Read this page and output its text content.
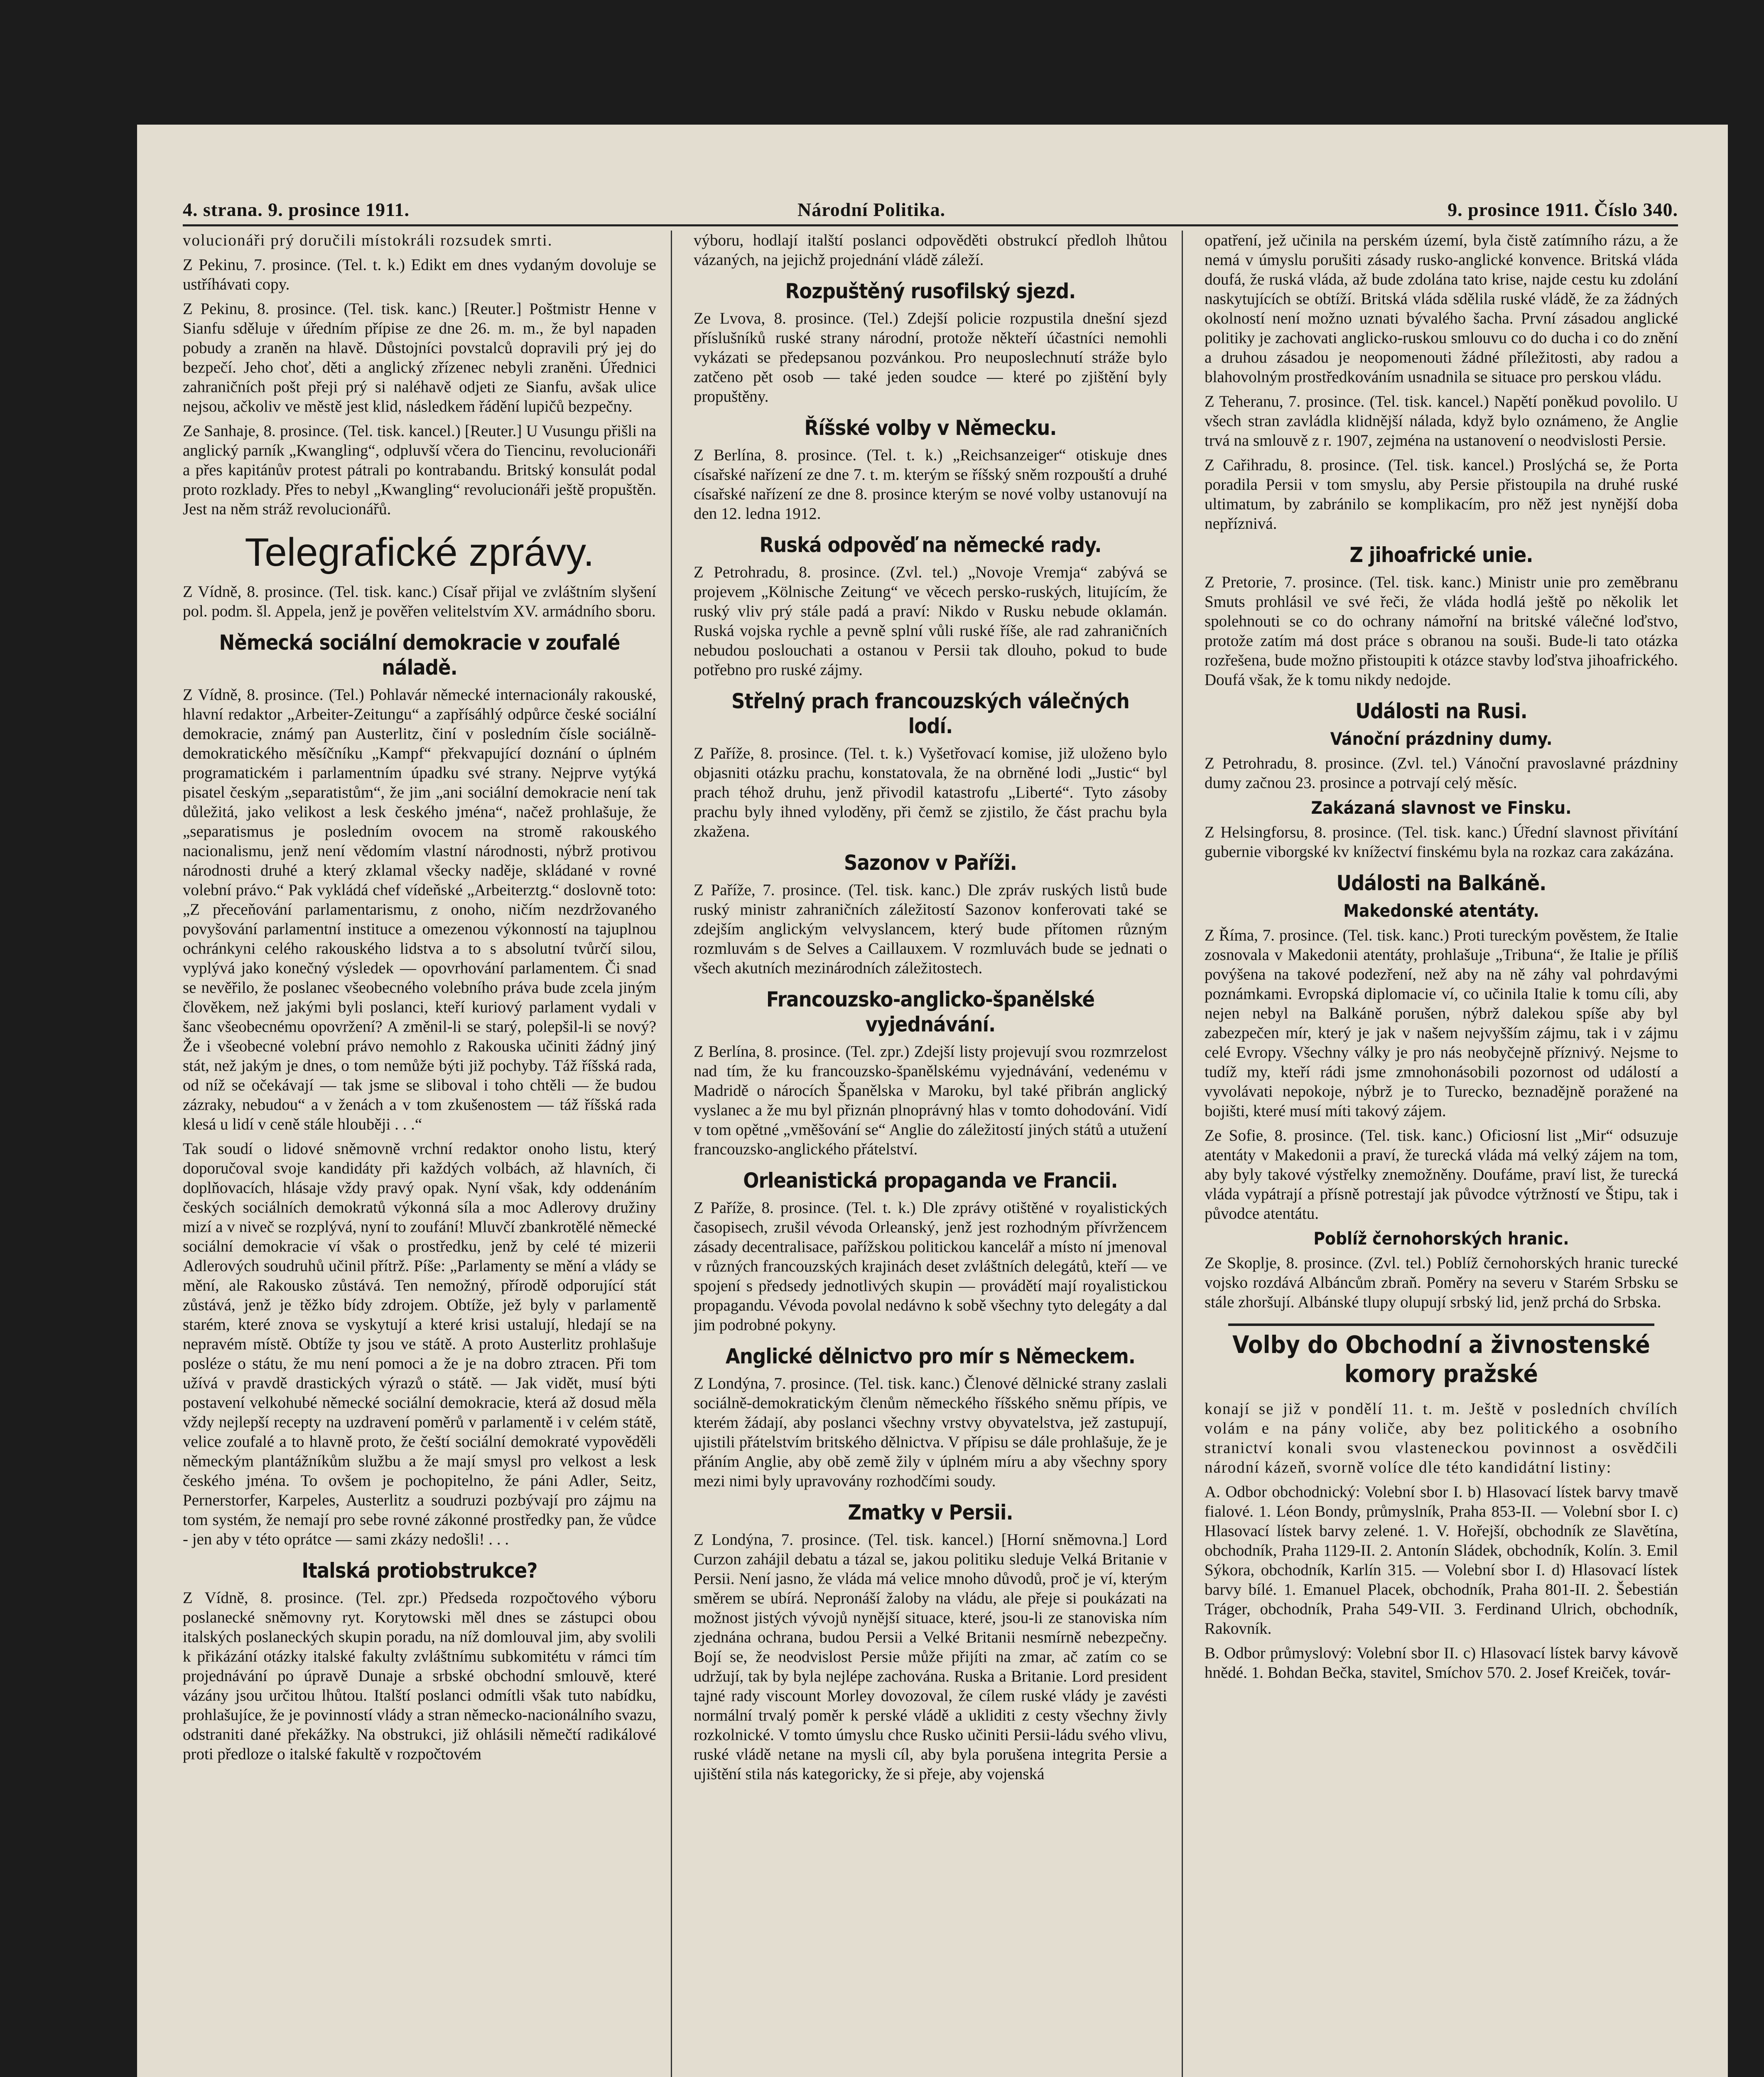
4. strana. 9. prosince 1911.	Národní Politika.	9. prosince 1911. Číslo 340.

volucionáři prý doručili místokráli rozsudek smrti.

Z Pekinu, 7. prosince. (Tel. t. k.) Edikt em dnes vydaným dovoluje se ustříhávati copy.

Z Pekinu, 8. prosince. (Tel. tisk. kanc.) [Reuter.] Poštmistr Henne v Sianfu sděluje v úředním přípise ze dne 26. m. m., že byl napaden pobudy a zraněn na hlavě. Důstojníci povstalců dopravili prý jej do bezpečí. Jeho choť, děti a anglický zřízenec nebyli zraněni. Úřednici zahraničních pošt přeji prý si naléhavě odjeti ze Sianfu, avšak ulice nejsou, ačkoliv ve městě jest klid, následkem řádění lupičů bezpečny.

Ze Sanhaje, 8. prosince. (Tel. tisk. kancel.) [Reuter.] U Vusungu přišli na anglický parník „Kwangling“, odpluvší včera do Tiencinu, revolucionáři a přes kapitánův protest pátrali po kontrabandu. Britský konsulát podal proto rozklady. Přes to nebyl „Kwangling“ revolucionáři ještě propuštěn. Jest na něm stráž revolucionářů.

Telegrafické zprávy.

Z Vídně, 8. prosince. (Tel. tisk. kanc.) Císař přijal ve zvláštním slyšení pol. podm. šl. Appela, jenž je pověřen velitelstvím XV. armádního sboru.

Německá sociální demokracie v zoufalé náladě.

Z Vídně, 8. prosince. (Tel.) Pohlavár německé internacionály rakouské, hlavní redaktor „Arbeiter-Zeitungu“ a zapřísáhlý odpůrce české sociální demokracie, známý pan Austerlitz, činí v posledním čísle sociálně-demokratického měsíčníku „Kampf“ překvapující doznání o úplném programatickém i parlamentním úpadku své strany. Nejprve vytýká pisatel českým „separatistům“, že jim „ani sociální demokracie není tak důležitá, jako velikost a lesk českého jména“, načež prohlašuje, že „separatismus je posledním ovocem na stromě rakouského nacionalismu, jenž není vědomím vlastní národnosti, nýbrž protivou národnosti druhé a který zklamal všecky naděje, skládané v rovné volební právo.“ Pak vykládá chef vídeňské „Arbeiterztg.“ doslovně toto: „Z přeceňování parlamentarismu, z onoho, ničím nezdržovaného povyšování parlamentní instituce a omezenou výkonností na tajuplnou ochránkyni celého rakouského lidstva a to s absolutní tvůrčí silou, vyplývá jako konečný výsledek — opovrhování parlamentem. Či snad se nevěřilo, že poslanec všeobecného volebního práva bude zcela jiným člověkem, než jakými byli poslanci, kteří kuriový parlament vydali v šanc všeobecnému opovržení? A změnil-li se starý, polepšil-li se nový? Že i všeobecné volební právo nemohlo z Rakouska učiniti žádný jiný stát, než jakým je dnes, o tom nemůže býti již pochyby. Táž říšská rada, od níž se očekávají — tak jsme se sliboval i toho chtěli — že budou zázraky, nebudou“ a v ženách a v tom zkušenostem — táž říšská rada klesá u lidí v ceně stále hlouběji . . .“

Tak soudí o lidové sněmovně vrchní redaktor onoho listu, který doporučoval svoje kandidáty při každých volbách, až hlavních, či doplňovacích, hlásaje vždy pravý opak. Nyní však, kdy oddenáním českých sociálních demokratů výkonná síla a moc Adlerovy družiny mizí a v niveč se rozplývá, nyní to zoufání! Mluvčí zbankrotělé německé sociální demokracie ví však o prostředku, jenž by celé té mizerii Adlerových soudruhů učinil přítrž. Píše: „Parlamenty se mění a vlády se mění, ale Rakousko zůstává. Ten nemožný, přírodě odporující stát zůstává, jenž je těžko bídy zdrojem. Obtíže, jež byly v parlamentě starém, které znova se vyskytují a které krisi ustalují, hledají se na nepravém místě. Obtíže ty jsou ve státě. A proto Austerlitz prohlašuje posléze o státu, že mu není pomoci a že je na dobro ztracen. Při tom užívá v pravdě drastických výrazů o státě. — Jak vidět, musí býti postavení velkohubé německé sociální demokracie, která až dosud měla vždy nejlepší recepty na uzdravení poměrů v parlamentě i v celém státě, velice zoufalé a to hlavně proto, že čeští sociální demokraté vypověděli německým plantážníkům službu a že mají smysl pro velkost a lesk českého jména. To ovšem je pochopitelno, že páni Adler, Seitz, Pernerstorfer, Karpeles, Austerlitz a soudruzi pozbývají pro zájmu na tom systém, že nemají pro sebe rovné zákonné prostředky pan, že vůdce - jen aby v této oprátce — sami zkázy nedošli! . . .

Italská protiobstrukce?

Z Vídně, 8. prosince. (Tel. zpr.) Předseda rozpočtového výboru poslanecké sněmovny ryt. Korytowski měl dnes se zástupci obou italských poslaneckých skupin poradu, na níž domlouval jim, aby svolili k přikázání otázky italské fakulty zvláštnímu subkomitétu v rámci tím projednávání po úpravě Dunaje a srbské obchodní smlouvě, které vázány jsou určitou lhůtou. Italští poslanci odmítli však tuto nabídku, prohlašujíce, že je povinností vlády a stran německo-nacionálního svazu, odstraniti dané překážky. Na obstrukci, již ohlásili němečtí radikálové proti předloze o italské fakultě v rozpočtovém

výboru, hodlají italští poslanci odpověděti obstrukcí předloh lhůtou vázaných, na jejichž projednání vládě záleží.

Rozpuštěný rusofilský sjezd.

Ze Lvova, 8. prosince. (Tel.) Zdejší policie rozpustila dnešní sjezd příslušníků ruské strany národní, protože někteří účastníci nemohli vykázati se předepsanou pozvánkou. Pro neuposlechnutí stráže bylo zatčeno pět osob — také jeden soudce — které po zjištění byly propuštěny.

Říšské volby v Německu.

Z Berlína, 8. prosince. (Tel. t. k.) „Reichsanzeiger“ otiskuje dnes císařské nařízení ze dne 7. t. m. kterým se říšský sněm rozpouští a druhé císařské nařízení ze dne 8. prosince kterým se nové volby ustanovují na den 12. ledna 1912.

Ruská odpověď na německé rady.

Z Petrohradu, 8. prosince. (Zvl. tel.) „Novoje Vremja“ zabývá se projevem „Kölnische Zeitung“ ve věcech persko-ruských, litujícím, že ruský vliv prý stále padá a praví: Nikdo v Rusku nebude oklamán. Ruská vojska rychle a pevně splní vůli ruské říše, ale rad zahraničních nebudou poslouchati a ostanou v Persii tak dlouho, pokud to bude potřebno pro ruské zájmy.

Střelný prach francouzských válečných lodí.

Z Paříže, 8. prosince. (Tel. t. k.) Vyšetřovací komise, již uloženo bylo objasniti otázku prachu, konstatovala, že na obrněné lodi „Justic“ byl prach téhož druhu, jenž přivodil katastrofu „Liberté“. Tyto zásoby prachu byly ihned vyloděny, při čemž se zjistilo, že část prachu byla zkažena.

Sazonov v Paříži.

Z Paříže, 7. prosince. (Tel. tisk. kanc.) Dle zpráv ruských listů bude ruský ministr zahraničních záležitostí Sazonov konferovati také se zdejším anglickým velvyslancem, který bude přítomen různým rozmluvám s de Selves a Caillauxem. V rozmluvách bude se jednati o všech akutních mezinárodních záležitostech.

Francouzsko-anglicko-španělské vyjednávání.

Z Berlína, 8. prosince. (Tel. zpr.) Zdejší listy projevují svou rozmrzelost nad tím, že ku francouzsko-španělskému vyjednávání, vedenému v Madridě o nárocích Španělska v Maroku, byl také přibrán anglický vyslanec a že mu byl přiznán plnoprávný hlas v tomto dohodování. Vidí v tom opětné „vměšování se“ Anglie do záležitostí jiných států a utužení francouzsko-anglického přátelství.

Orleanistická propaganda ve Francii.

Z Paříže, 8. prosince. (Tel. t. k.) Dle zprávy otištěné v royalistických časopisech, zrušil vévoda Orleanský, jenž jest rozhodným přívržencem zásady decentralisace, pařížskou politickou kancelář a místo ní jmenoval v různých francouzských krajinách deset zvláštních delegátů, kteří — ve spojení s předsedy jednotlivých skupin — provádětí mají royalistickou propagandu. Vévoda povolal nedávno k sobě všechny tyto delegáty a dal jim podrobné pokyny.

Anglické dělnictvo pro mír s Německem.

Z Londýna, 7. prosince. (Tel. tisk. kanc.) Členové dělnické strany zaslali sociálně-demokratickým členům německého říšského sněmu přípis, ve kterém žádají, aby poslanci všechny vrstvy obyvatelstva, jež zastupují, ujistili přátelstvím britského dělnictva. V přípisu se dále prohlašuje, že je přáním Anglie, aby obě země žily v úplném míru a aby všechny spory mezi nimi byly upravovány rozhodčími soudy.

Zmatky v Persii.

Z Londýna, 7. prosince. (Tel. tisk. kancel.) [Horní sněmovna.] Lord Curzon zahájil debatu a tázal se, jakou politiku sleduje Velká Britanie v Persii. Není jasno, že vláda má velice mnoho důvodů, proč je ví, kterým směrem se ubírá. Nepronáší žaloby na vládu, ale přeje si poukázati na možnost jistých vývojů nynější situace, které, jsou-li ze stanoviska ním zjednána ochrana, budou Persii a Velké Britanii nesmírně nebezpečny. Bojí se, že neodvislost Persie může přijíti na zmar, ač zatím co se udržují, tak by byla nejlépe zachována. Ruska a Britanie. Lord president tajné rady viscount Morley dovozoval, že cílem ruské vlády je zavésti normální trvalý poměr k perské vládě a ukliditi z cesty všechny živly rozkolnické. V tomto úmyslu chce Rusko učiniti Persii-ládu svého vlivu, ruské vládě netane na mysli cíl, aby byla porušena integrita Persie a ujištění stila nás kategoricky, že si přeje, aby vojenská

opatření, jež učinila na perském území, byla čistě zatímního rázu, a že nemá v úmyslu porušiti zásady rusko-anglické konvence. Britská vláda doufá, že ruská vláda, až bude zdolána tato krise, najde cestu ku zdolání naskytujících se obtíží. Britská vláda sdělila ruské vládě, že za žádných okolností není možno uznati bývalého šacha. První zásadou anglické politiky je zachovati anglicko-ruskou smlouvu co do ducha i co do znění a druhou zásadou je neopomenouti žádné příležitosti, aby radou a blahovolným prostředkováním usnadnila se situace pro perskou vládu.

Z Teheranu, 7. prosince. (Tel. tisk. kancel.) Napětí poněkud povolilo. U všech stran zavládla klidnější nálada, když bylo oznámeno, že Anglie trvá na smlouvě z r. 1907, zejména na ustanovení o neodvislosti Persie.

Z Cařihradu, 8. prosince. (Tel. tisk. kancel.) Proslýchá se, že Porta poradila Persii v tom smyslu, aby Persie přistoupila na druhé ruské ultimatum, by zabránilo se komplikacím, pro něž jest nynější doba nepříznivá.

Z jihoafrické unie.

Z Pretorie, 7. prosince. (Tel. tisk. kanc.) Ministr unie pro zeměbranu Smuts prohlásil ve své řeči, že vláda hodlá ještě po několik let spolehnouti se co do ochrany námořní na britské válečné loďstvo, protože zatím má dost práce s obranou na souši. Bude-li tato otázka rozřešena, bude možno přistoupiti k otázce stavby loďstva jihoafrického. Doufá však, že k tomu nikdy nedojde.

Události na Rusi.
Vánoční prázdniny dumy.

Z Petrohradu, 8. prosince. (Zvl. tel.) Vánoční pravoslavné prázdniny dumy začnou 23. prosince a potrvají celý měsíc.

Zakázaná slavnost ve Finsku.

Z Helsingforsu, 8. prosince. (Tel. tisk. kanc.) Úřední slavnost přivítání gubernie viborgské kv knížectví finskému byla na rozkaz cara zakázána.

Události na Balkáně.
Makedonské atentáty.

Z Říma, 7. prosince. (Tel. tisk. kanc.) Proti tureckým pověstem, že Italie zosnovala v Makedonii atentáty, prohlašuje „Tribuna“, že Italie je příliš povýšena na takové podezření, než aby na ně záhy val pohrdavými poznámkami. Evropská diplomacie ví, co učinila Italie k tomu cíli, aby nejen nebyl na Balkáně porušen, nýbrž dalekou spíše aby byl zabezpečen mír, který je jak v našem nejvyšším zájmu, tak i v zájmu celé Evropy. Všechny války je pro nás neobyčejně příznivý. Nejsme to tudíž my, kteří rádi jsme zmnohonásobili pozornost od událostí a vyvolávati nepokoje, nýbrž je to Turecko, beznadějně poražené na bojišti, které musí míti takový zájem.

Ze Sofie, 8. prosince. (Tel. tisk. kanc.) Oficiosní list „Mir“ odsuzuje atentáty v Makedonii a praví, že turecká vláda má velký zájem na tom, aby byly takové výstřelky znemožněny. Doufáme, praví list, že turecká vláda vypátrají a přísně potrestají jak původce výtržností ve Štipu, tak i původce atentátu.

Poblíž černohorských hranic.

Ze Skoplje, 8. prosince. (Zvl. tel.) Poblíž černohorských hranic turecké vojsko rozdává Albáncům zbraň. Poměry na severu v Starém Srbsku se stále zhoršují. Albánské tlupy olupují srbský lid, jenž prchá do Srbska.

Volby do Obchodní a živnostenské komory pražské

konají se již v pondělí 11. t. m. Ještě v posledních chvílích volám e na pány voliče, aby bez politického a osobního stranictví konali svou vlasteneckou povinnost a osvědčili národní kázeň, svorně volíce dle této kandidátní listiny:

A. Odbor obchodnický: Volební sbor I. b) Hlasovací lístek barvy tmavě fialové. 1. Léon Bondy, průmyslník, Praha 853-II. — Volební sbor I. c) Hlasovací lístek barvy zelené. 1. V. Hořejší, obchodník ze Slavětína, obchodník, Praha 1129-II. 2. Antonín Sládek, obchodník, Kolín. 3. Emil Sýkora, obchodník, Karlín 315. — Volební sbor I. d) Hlasovací lístek barvy bílé. 1. Emanuel Placek, obchodník, Praha 801-II. 2. Šebestián Tráger, obchodník, Praha 549-VII. 3. Ferdinand Ulrich, obchodník, Rakovník.

B. Odbor průmyslový: Volební sbor II. c) Hlasovací lístek barvy kávově hnědé. 1. Bohdan Bečka, stavitel, Smíchov 570. 2. Josef Kreiček, továr-
